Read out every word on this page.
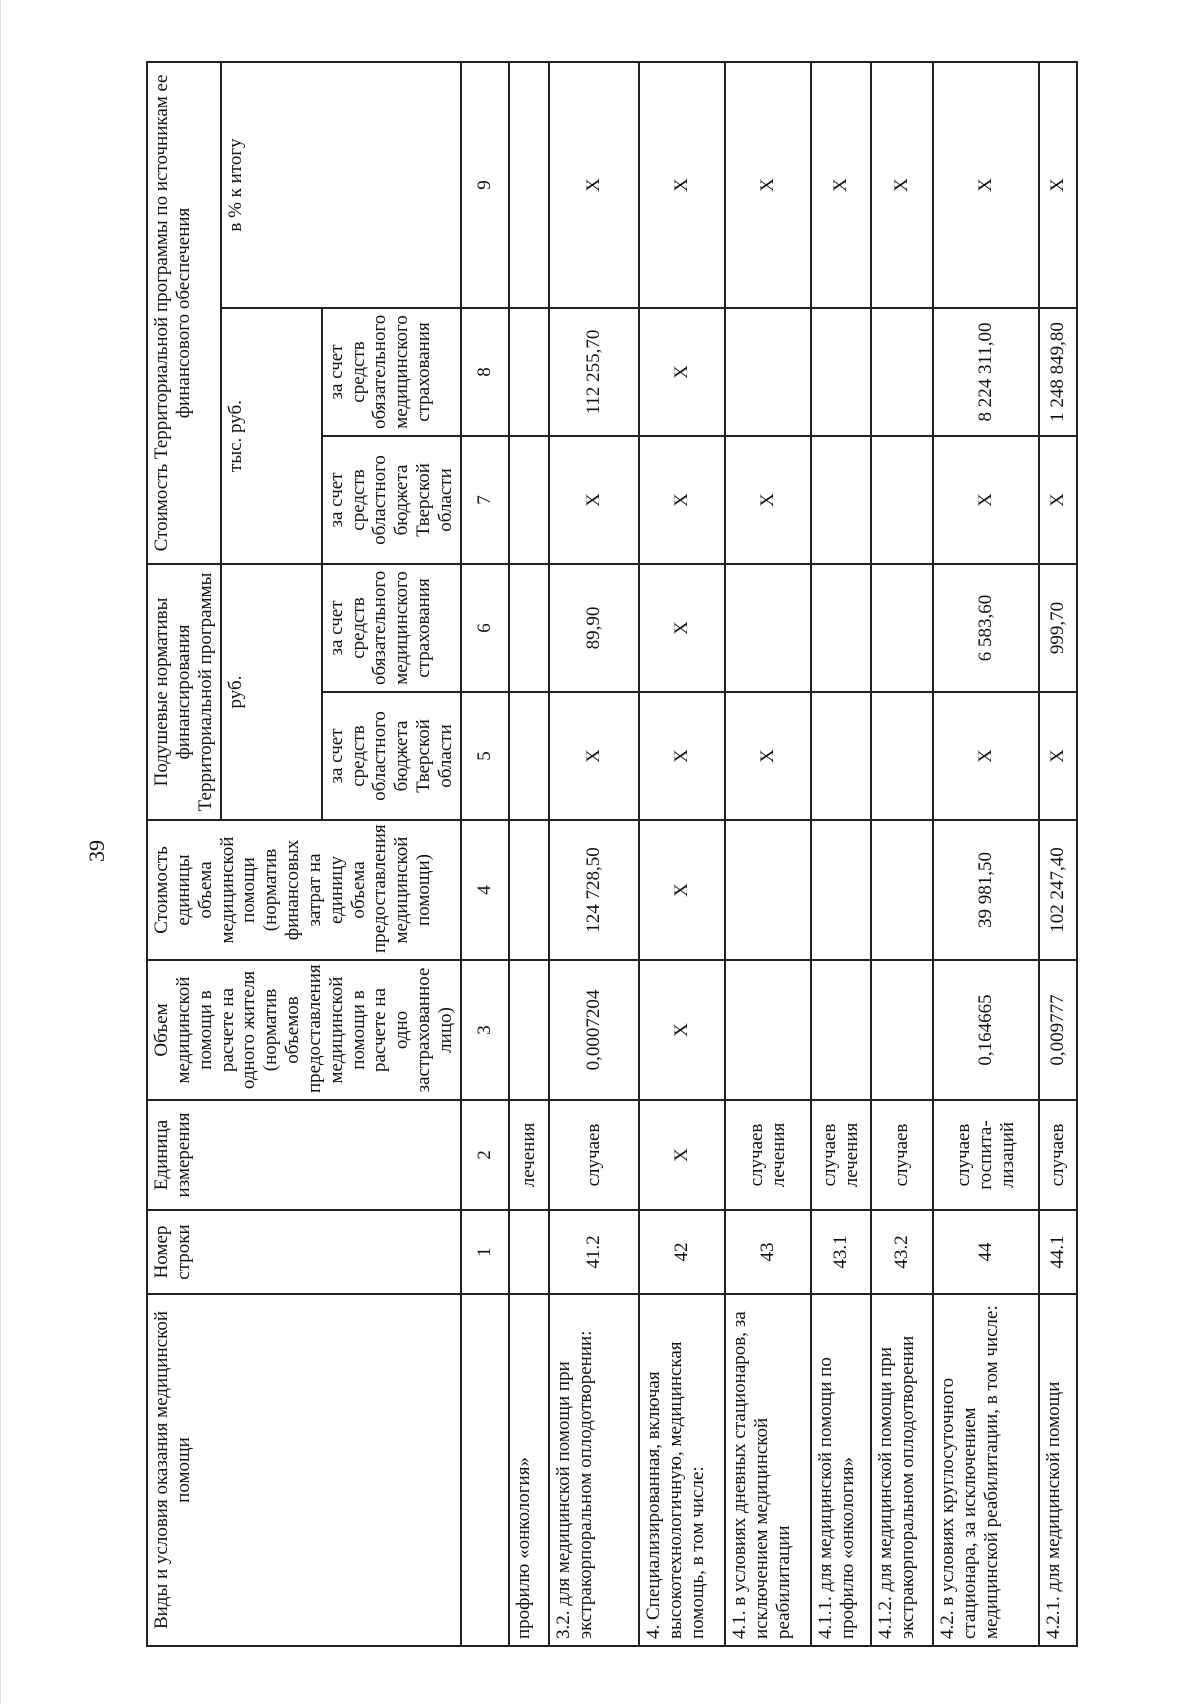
39
Виды и условия оказания медицинской помощи	Номер строки	Единица измерения	Объем медицинской помощи в расчете на одного жителя (норматив объемов предоставления медицинской помощи в расчете на одно застрахованное лицо)	Стоимость единицы объема медицинской помощи (норматив финансовых затрат на единицу объема предоставления медицинской помощи)	Подушевые нормативы финансирования Территориальной программы		Стоимость Территориальной программы по источникам ее финансового обеспечения	
					руб.		тыс. руб.		в % к итогу
					за счет средств областного бюджета Тверской области	за счет средств обязательного медицинского страхования	за счет средств областного бюджета Тверской области	за счет средств обязательного медицинского страхования	
	1	2	3	4	5	6	7	8	9
профилю «онкология»		лечения							
3.2. для медицинской помощи при экстракорпоральном оплодотворении:	41.2	случаев	0,0007204	124 728,50	Х	89,90	Х	112 255,70	Х
4. Специализированная, включая высокотехнологичную, медицинская помощь, в том числе:	42	Х	Х	Х	Х	Х	Х	Х	Х
4.1. в условиях дневных стационаров, за исключением медицинской реабилитации	43	случаев лечения			Х		Х		Х
4.1.1. для медицинской помощи по профилю «онкология»	43.1	случаев лечения							Х
4.1.2. для медицинской помощи при экстракорпоральном оплодотворении	43.2	случаев							Х
4.2. в условиях круглосуточного стационара, за исключением медицинской реабилитации, в том числе:	44	случаев госпита-лизаций	0,164665	39 981,50	Х	6 583,60	Х	8 224 311,00	Х
4.2.1. для медицинской помощи	44.1	случаев	0,009777	102 247,40	Х	999,70	Х	1 248 849,80	Х
